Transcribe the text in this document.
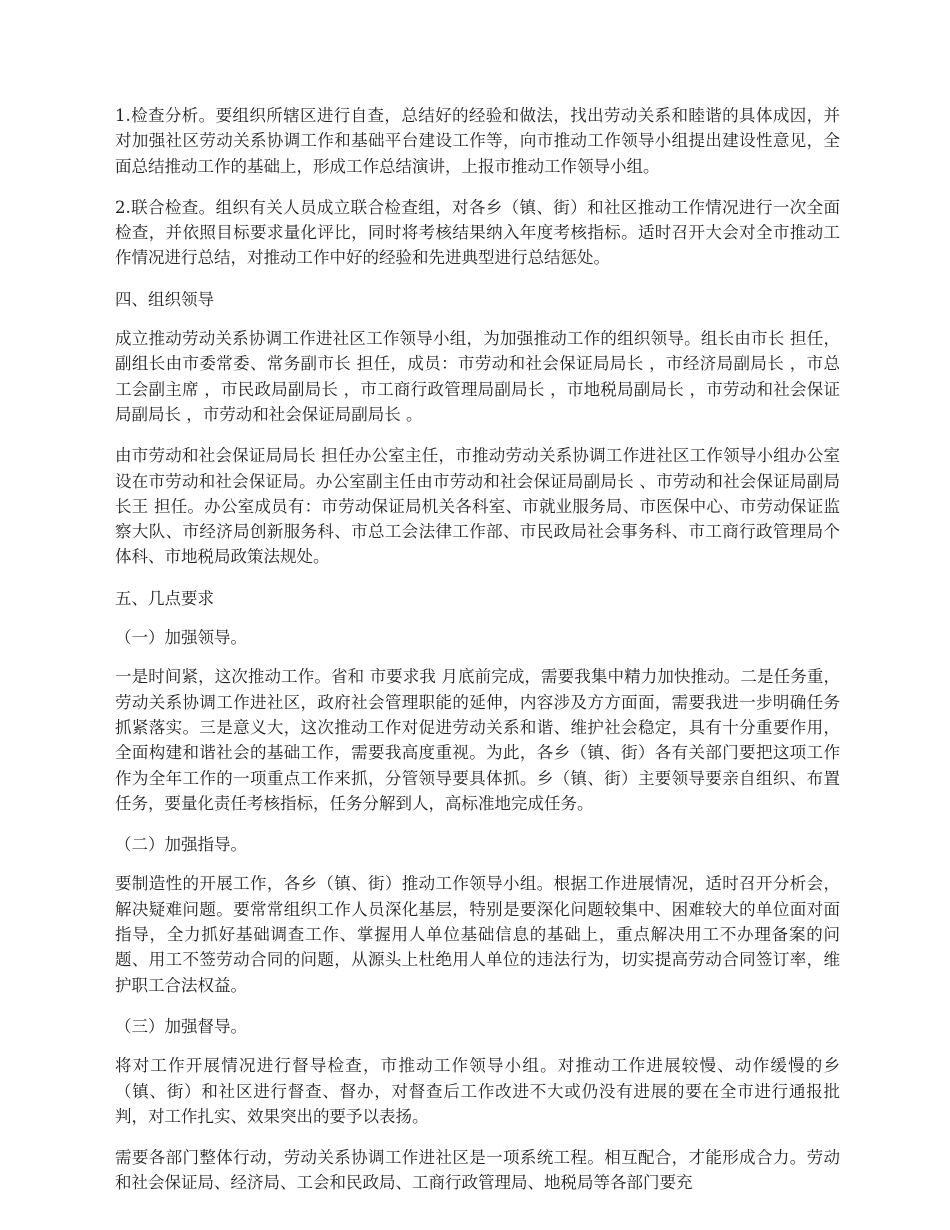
1.检查分析。要组织所辖区进行自查，总结好的经验和做法，找出劳动关系和睦谐的具体成因，并对加强社区劳动关系协调工作和基础平台建设工作等，向市推动工作领导小组提出建设性意见，全面总结推动工作的基础上，形成工作总结演讲，上报市推动工作领导小组。

2.联合检查。组织有关人员成立联合检查组，对各乡（镇、街）和社区推动工作情况进行一次全面检查，并依照目标要求量化评比，同时将考核结果纳入年度考核指标。适时召开大会对全市推动工作情况进行总结，对推动工作中好的经验和先进典型进行总结惩处。

四、组织领导

成立推动劳动关系协调工作进社区工作领导小组，为加强推动工作的组织领导。组长由市长 担任，副组长由市委常委、常务副市长 担任，成员：市劳动和社会保证局局长 ，市经济局副局长 ，市总工会副主席 ，市民政局副局长 ，市工商行政管理局副局长 ，市地税局副局长 ，市劳动和社会保证局副局长 ，市劳动和社会保证局副局长 。

由市劳动和社会保证局局长 担任办公室主任，市推动劳动关系协调工作进社区工作领导小组办公室设在市劳动和社会保证局。办公室副主任由市劳动和社会保证局副局长 、市劳动和社会保证局副局长王 担任。办公室成员有：市劳动保证局机关各科室、市就业服务局、市医保中心、市劳动保证监察大队、市经济局创新服务科、市总工会法律工作部、市民政局社会事务科、市工商行政管理局个体科、市地税局政策法规处。

五、几点要求

（一）加强领导。

一是时间紧，这次推动工作。省和 市要求我 月底前完成，需要我集中精力加快推动。二是任务重，劳动关系协调工作进社区，政府社会管理职能的延伸，内容涉及方方面面，需要我进一步明确任务抓紧落实。三是意义大，这次推动工作对促进劳动关系和谐、维护社会稳定，具有十分重要作用，全面构建和谐社会的基础工作，需要我高度重视。为此，各乡（镇、街）各有关部门要把这项工作作为全年工作的一项重点工作来抓，分管领导要具体抓。乡（镇、街）主要领导要亲自组织、布置任务，要量化责任考核指标，任务分解到人，高标准地完成任务。

（二）加强指导。

要制造性的开展工作，各乡（镇、街）推动工作领导小组。根据工作进展情况，适时召开分析会，解决疑难问题。要常常组织工作人员深化基层，特别是要深化问题较集中、困难较大的单位面对面指导，全力抓好基础调查工作、掌握用人单位基础信息的基础上，重点解决用工不办理备案的问题、用工不签劳动合同的问题，从源头上杜绝用人单位的违法行为，切实提高劳动合同签订率，维护职工合法权益。

（三）加强督导。

将对工作开展情况进行督导检查，市推动工作领导小组。对推动工作进展较慢、动作缓慢的乡（镇、街）和社区进行督查、督办，对督查后工作改进不大或仍没有进展的要在全市进行通报批判，对工作扎实、效果突出的要予以表扬。

需要各部门整体行动，劳动关系协调工作进社区是一项系统工程。相互配合，才能形成合力。劳动和社会保证局、经济局、工会和民政局、工商行政管理局、地税局等各部门要充
